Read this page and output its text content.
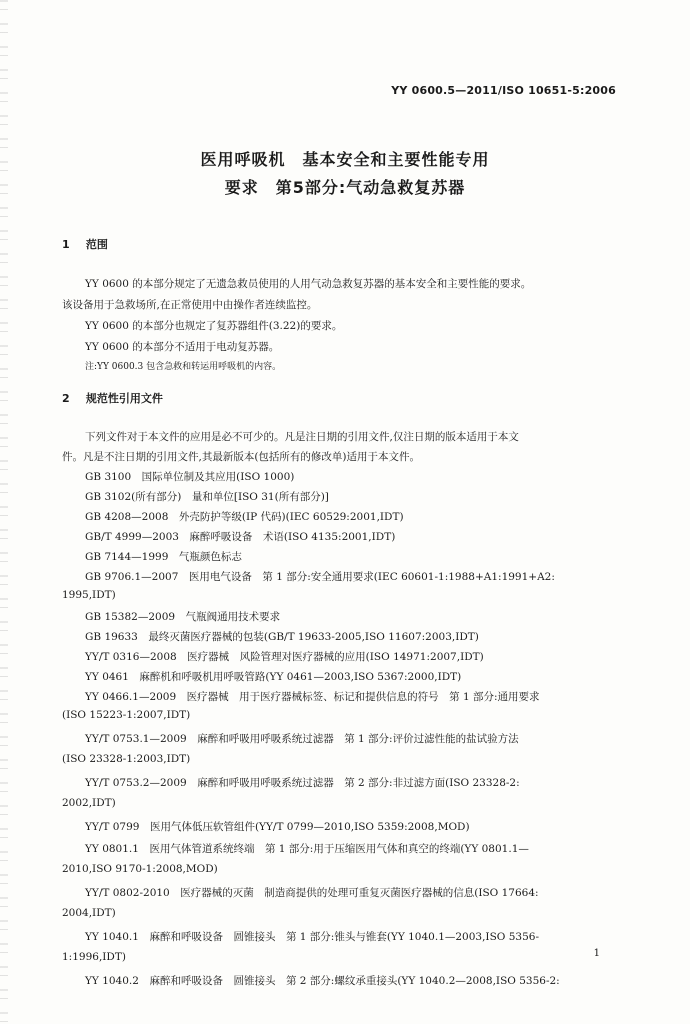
YY 0600.5—2011/ISO 10651-5:2006
医用呼吸机　基本安全和主要性能专用
要求　第5部分:气动急救复苏器
1 范围
YY 0600 的本部分规定了无遗急救员使用的人用气动急救复苏器的基本安全和主要性能的要求。
该设备用于急救场所,在正常使用中由操作者连续监控。
YY 0600 的本部分也规定了复苏器组件(3.22)的要求。
YY 0600 的本部分不适用于电动复苏器。
注:YY 0600.3 包含急救和转运用呼吸机的内容。
2 规范性引用文件
下列文件对于本文件的应用是必不可少的。凡是注日期的引用文件,仅注日期的版本适用于本文
件。凡是不注日期的引用文件,其最新版本(包括所有的修改单)适用于本文件。
GB 3100　国际单位制及其应用(ISO 1000)
GB 3102(所有部分)　量和单位[ISO 31(所有部分)]
GB 4208—2008　外壳防护等级(IP 代码)(IEC 60529:2001,IDT)
GB/T 4999—2003　麻醉呼吸设备　术语(ISO 4135:2001,IDT)
GB 7144—1999　气瓶颜色标志
GB 9706.1—2007　医用电气设备　第 1 部分:安全通用要求(IEC 60601-1:1988+A1:1991+A2:
1995,IDT)
GB 15382—2009　气瓶阀通用技术要求
GB 19633　最终灭菌医疗器械的包装(GB/T 19633-2005,ISO 11607:2003,IDT)
YY/T 0316—2008　医疗器械　风险管理对医疗器械的应用(ISO 14971:2007,IDT)
YY 0461　麻醉机和呼吸机用呼吸管路(YY 0461—2003,ISO 5367:2000,IDT)
YY 0466.1—2009　医疗器械　用于医疗器械标签、标记和提供信息的符号　第 1 部分:通用要求
(ISO 15223-1:2007,IDT)
YY/T 0753.1—2009　麻醉和呼吸用呼吸系统过滤器　第 1 部分:评价过滤性能的盐试验方法
(ISO 23328-1:2003,IDT)
YY/T 0753.2—2009　麻醉和呼吸用呼吸系统过滤器　第 2 部分:非过滤方面(ISO 23328-2:
2002,IDT)
YY/T 0799　医用气体低压软管组件(YY/T 0799—2010,ISO 5359:2008,MOD)
YY 0801.1　医用气体管道系统终端　第 1 部分:用于压缩医用气体和真空的终端(YY 0801.1—
2010,ISO 9170-1:2008,MOD)
YY/T 0802-2010　医疗器械的灭菌　制造商提供的处理可重复灭菌医疗器械的信息(ISO 17664:
2004,IDT)
YY 1040.1　麻醉和呼吸设备　圆锥接头　第 1 部分:锥头与锥套(YY 1040.1—2003,ISO 5356-
1:1996,IDT)
YY 1040.2　麻醉和呼吸设备　圆锥接头　第 2 部分:螺纹承重接头(YY 1040.2—2008,ISO 5356-2:
1
